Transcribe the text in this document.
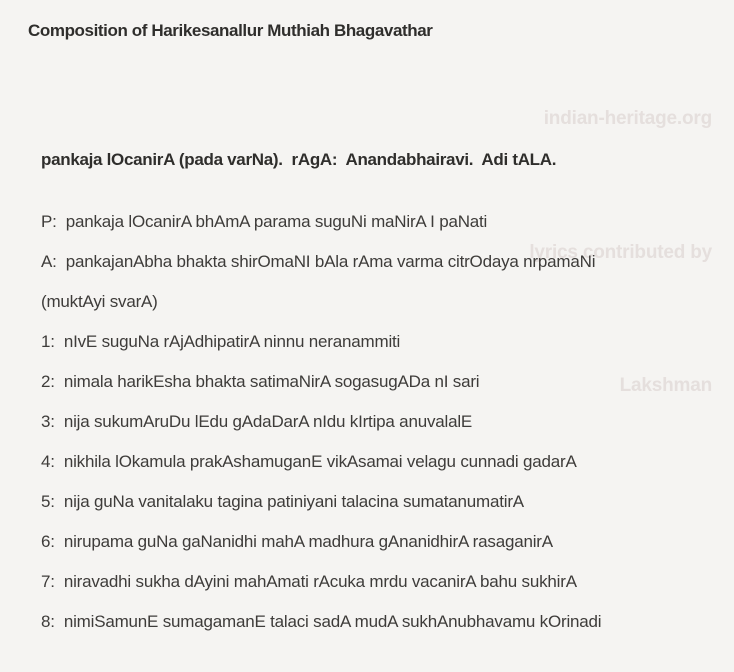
Composition of Harikesanallur Muthiah Bhagavathar

indian-heritage.org

lyrics contributed by

Lakshman

pankaja lOcanirA (pada varNa).  rAgA:  Anandabhairavi.  Adi tALA.
P:  pankaja lOcanirA bhAmA parama suguNi maNirA I paNati
A:  pankajanAbha bhakta shirOmaNI bAla rAma varma citrOdaya nrpamaNi
(muktAyi svarA)
1:  nIvE suguNa rAjAdhipatirA ninnu neranammiti
2:  nimala harikEsha bhakta satimaNirA sogasugADa nI sari
3:  nija sukumAruDu lEdu gAdaDarA nIdu kIrtipa anuvalalE
4:  nikhila lOkamula prakAshamuganE vikAsamai velagu cunnadi gadarA
5:  nija guNa vanitalaku tagina patiniyani talacina sumatanumatirA
6:  nirupama guNa gaNanidhi mahA madhura gAnanidhirA rasaganirA
7:  niravadhi sukha dAyini mahAmati rAcuka mrdu vacanirA bahu sukhirA
8:  nimiSamunE sumagamanE talaci sadA mudA sukhAnubhavamu kOrinadi
